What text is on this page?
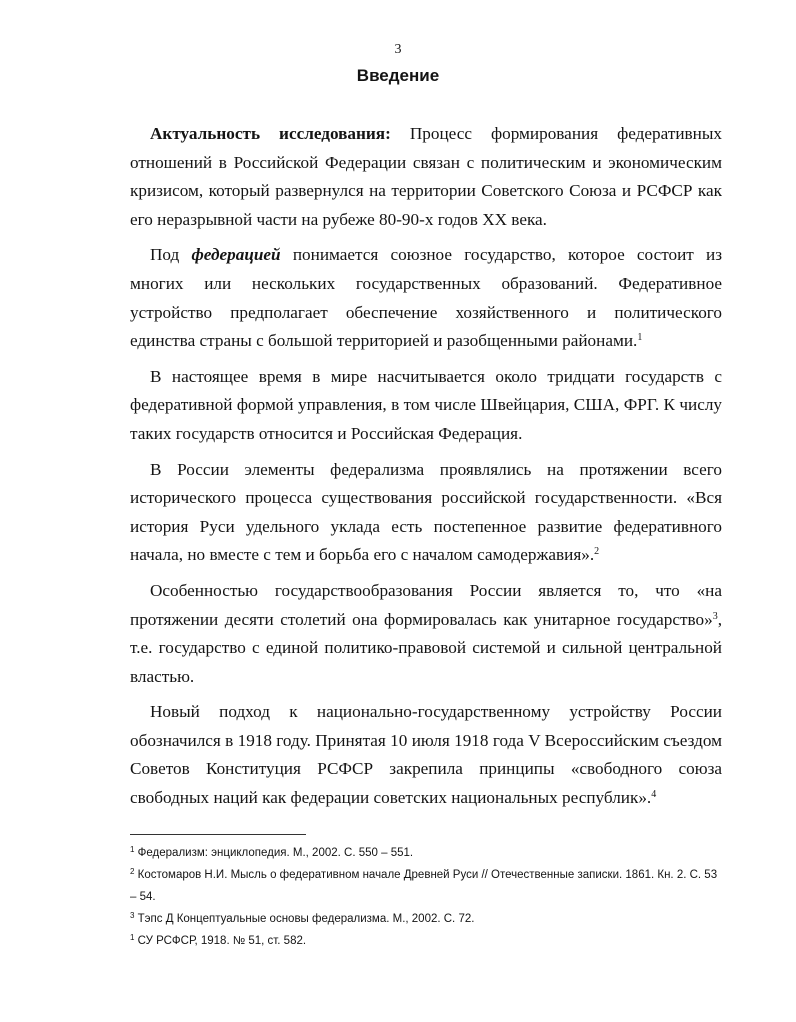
3
Введение

Актуальность исследования: Процесс формирования федеративных отношений в Российской Федерации связан с политическим и экономическим кризисом, который развернулся на территории Советского Союза и РСФСР как его неразрывной части на рубеже 80-90-х годов XX века.

Под федерацией понимается союзное государство, которое состоит из многих или нескольких государственных образований. Федеративное устройство предполагает обеспечение хозяйственного и политического единства страны с большой территорией и разобщенными районами.$^1$

В настоящее время в мире насчитывается около тридцати государств с федеративной формой управления, в том числе Швейцария, США, ФРГ. К числу таких государств относится и Российская Федерация.

В России элементы федерализма проявлялись на протяжении всего исторического процесса существования российской государственности. «Вся история Руси удельного уклада есть постепенное развитие федеративного начала, но вместе с тем и борьба его с началом самодержавия».$^2$

Особенностью государствообразования России является то, что «на протяжении десяти столетий она формировалась как унитарное государство»$^3$, т.е. государство с единой политико-правовой системой и сильной центральной властью.

Новый подход к национально-государственному устройству России обозначился в 1918 году. Принятая 10 июля 1918 года V Всероссийским съездом Советов Конституция РСФСР закрепила принципы «свободного союза свободных наций как федерации советских национальных республик».$^4$

$^1$ Федерализм: энциклопедия. М., 2002. С. 550 – 551.

$^2$ Костомаров Н.И. Мысль о федеративном начале Древней Руси // Отечественные записки. 1861. Кн. 2. С. 53 – 54.

$^3$ Тэпс Д Концептуальные основы федерализма. М., 2002. С. 72.

$^1$ СУ РСФСР, 1918. № 51, ст. 582.
